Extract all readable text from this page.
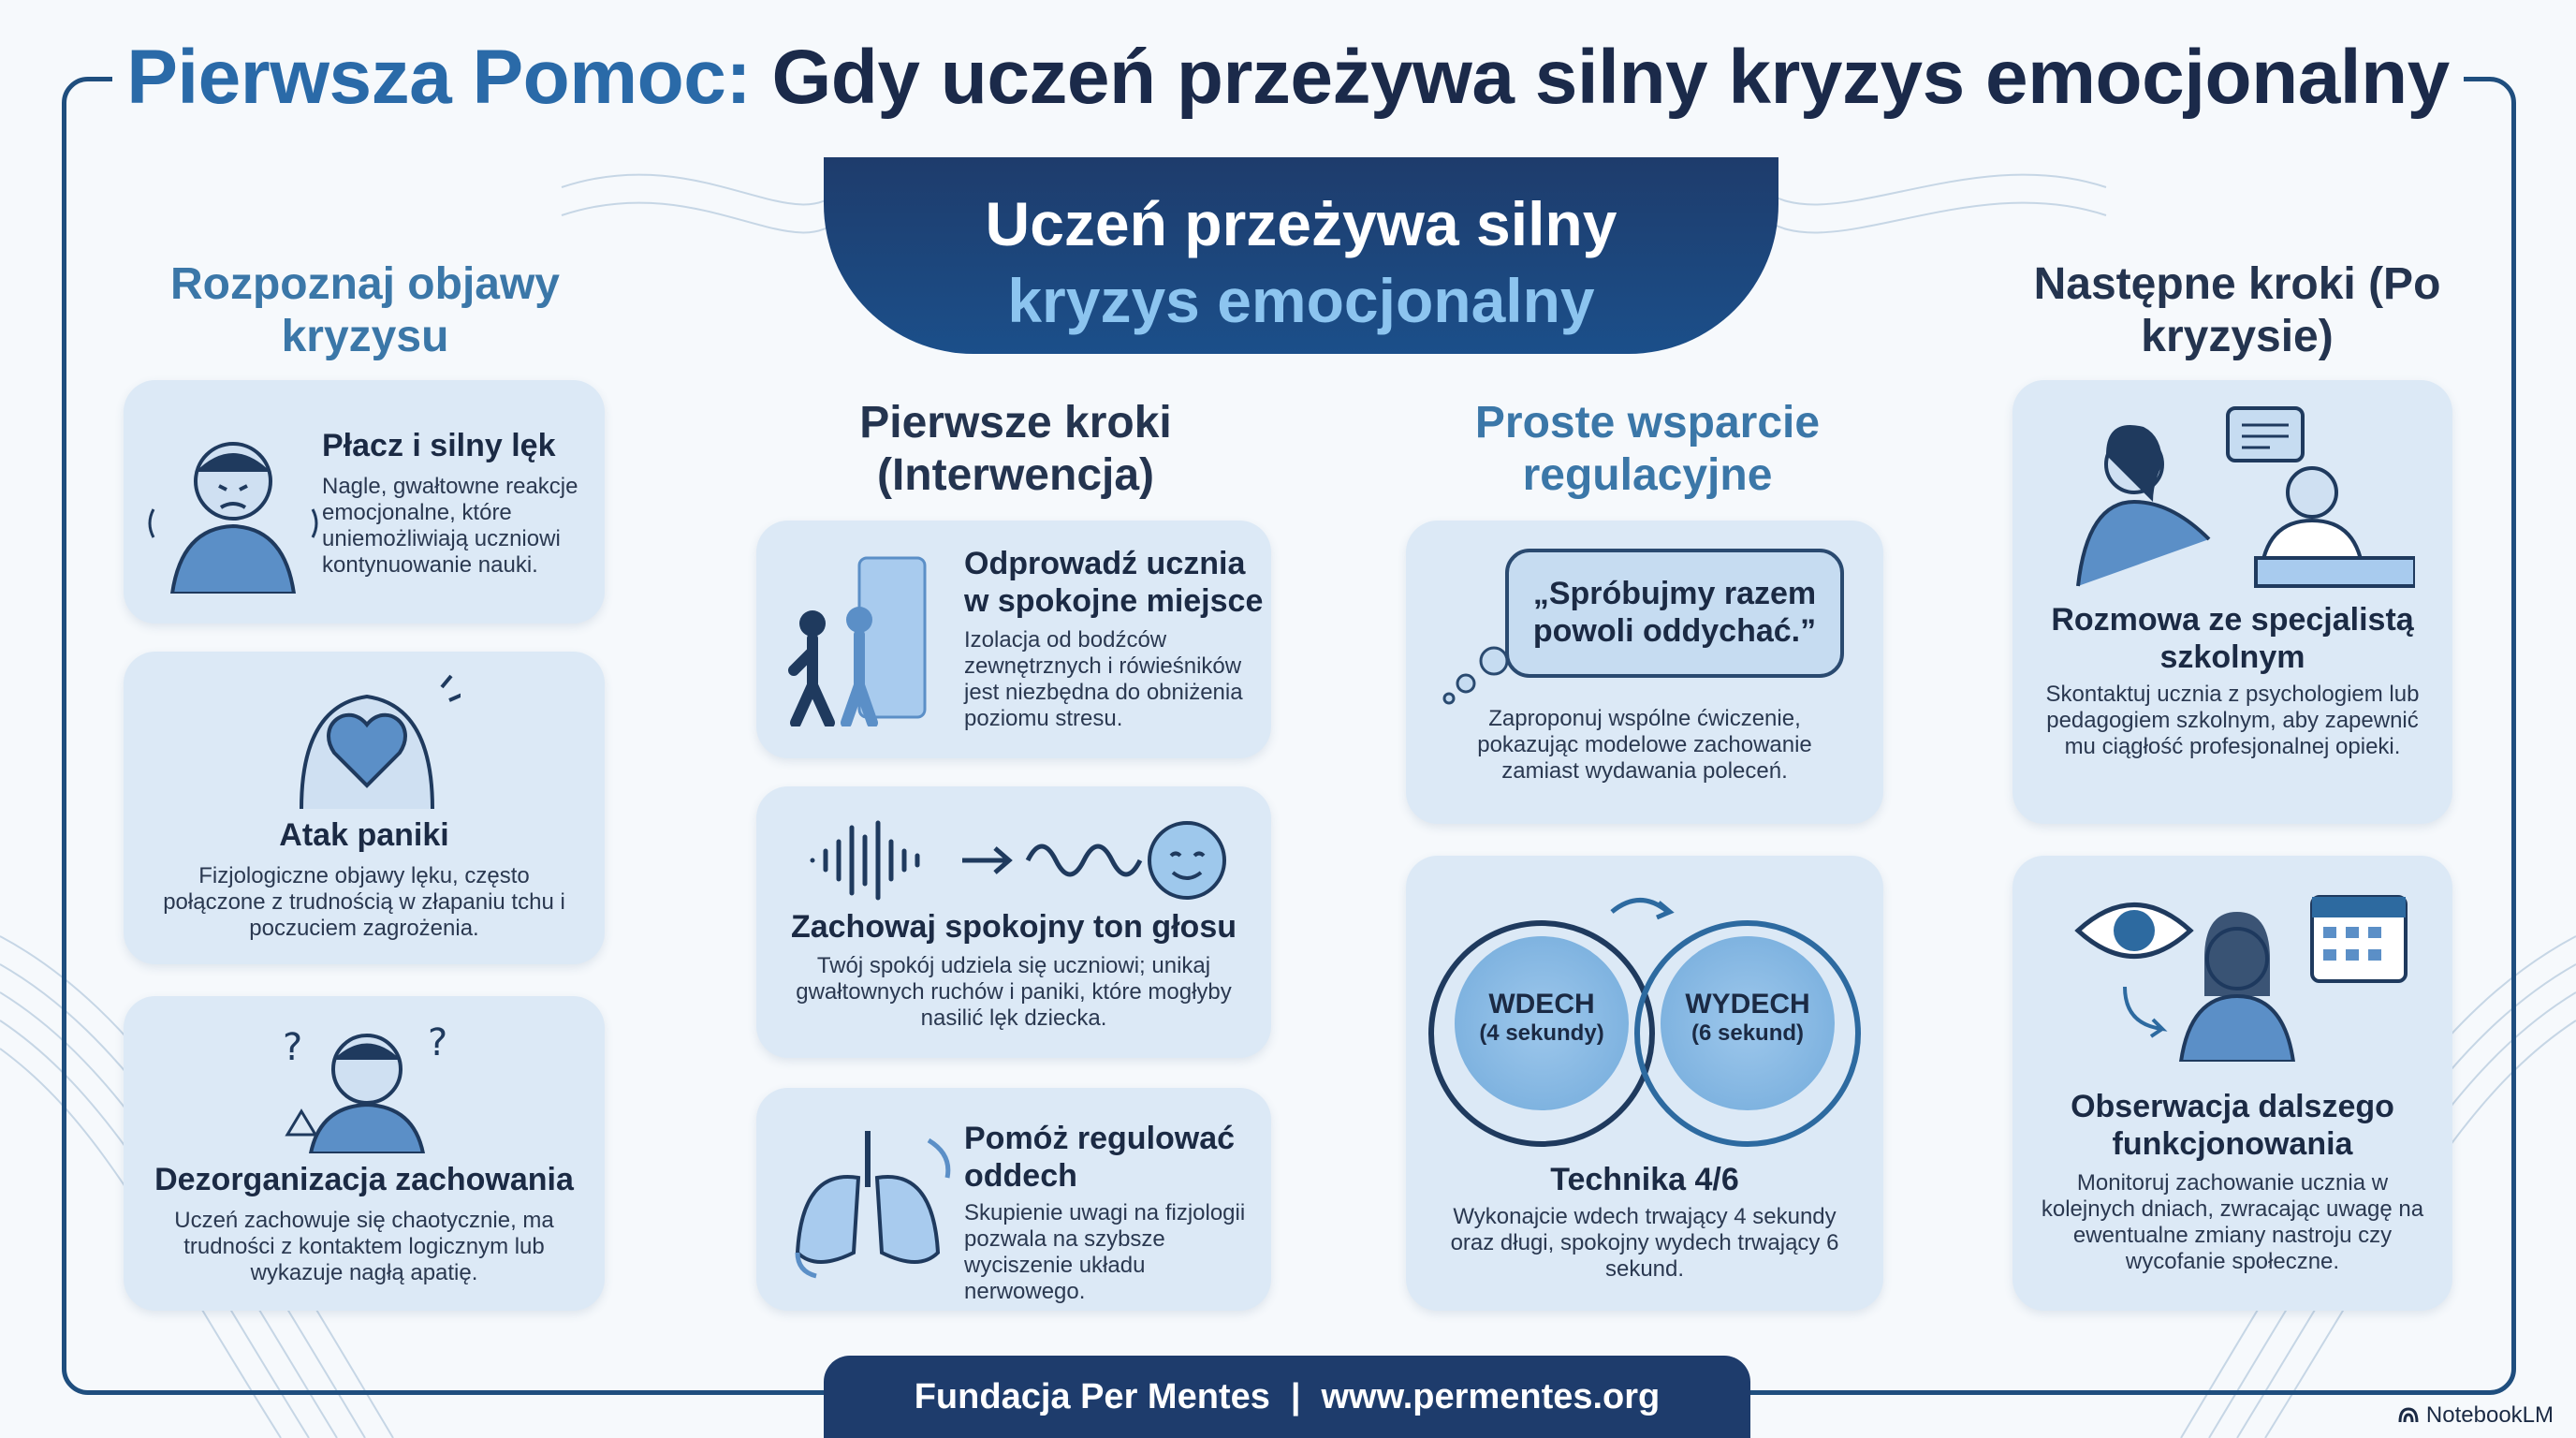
Pierwsza Pomoc: Gdy uczeń przeżywa silny kryzys emocjonalny
Uczeń przeżywa silny
kryzys emocjonalny
Rozpoznaj objawy kryzysu
Płacz i silny lęk

Nagle, gwałtowne reakcje emocjonalne, które uniemożliwiają uczniowi kontynuowanie nauki.

Atak paniki

Fizjologiczne objawy lęku, często połączone z trudnością w złapaniu tchu i poczuciem zagrożenia.

?	?
Dezorganizacja zachowania

Uczeń zachowuje się chaotycznie, ma trudności z kontaktem logicznym lub wykazuje nagłą apatię.

Pierwsze kroki (Interwencja)
Odprowadź ucznia w spokojne miejsce

Izolacja od bodźców zewnętrznych i rówieśników jest niezbędna do obniżenia poziomu stresu.

Zachowaj spokojny ton głosu

Twój spokój udziela się uczniowi; unikaj gwałtownych ruchów i paniki, które mogłyby nasilić lęk dziecka.

Pomóż regulować oddech

Skupienie uwagi na fizjologii pozwala na szybsze wyciszenie układu nerwowego.

Proste wsparcie regulacyjne
„Spróbujmy razem powoli oddychać.”

Zaproponuj wspólne ćwiczenie, pokazując modelowe zachowanie zamiast wydawania poleceń.

WDECH
(4 sekundy)
WYDECH
(6 sekund)
Technika 4/6

Wykonajcie wdech trwający 4 sekundy oraz długi, spokojny wydech trwający 6 sekund.

Następne kroki (Po kryzysie)
Rozmowa ze specjalistą szkolnym

Skontaktuj ucznia z psychologiem lub pedagogiem szkolnym, aby zapewnić mu ciągłość profesjonalnej opieki.

Obserwacja dalszego funkcjonowania

Monitoruj zachowanie ucznia w kolejnych dniach, zwracając uwagę na ewentualne zmiany nastroju czy wycofanie społeczne.

Fundacja Per Mentes | www.permentes.org	NotebookLM
